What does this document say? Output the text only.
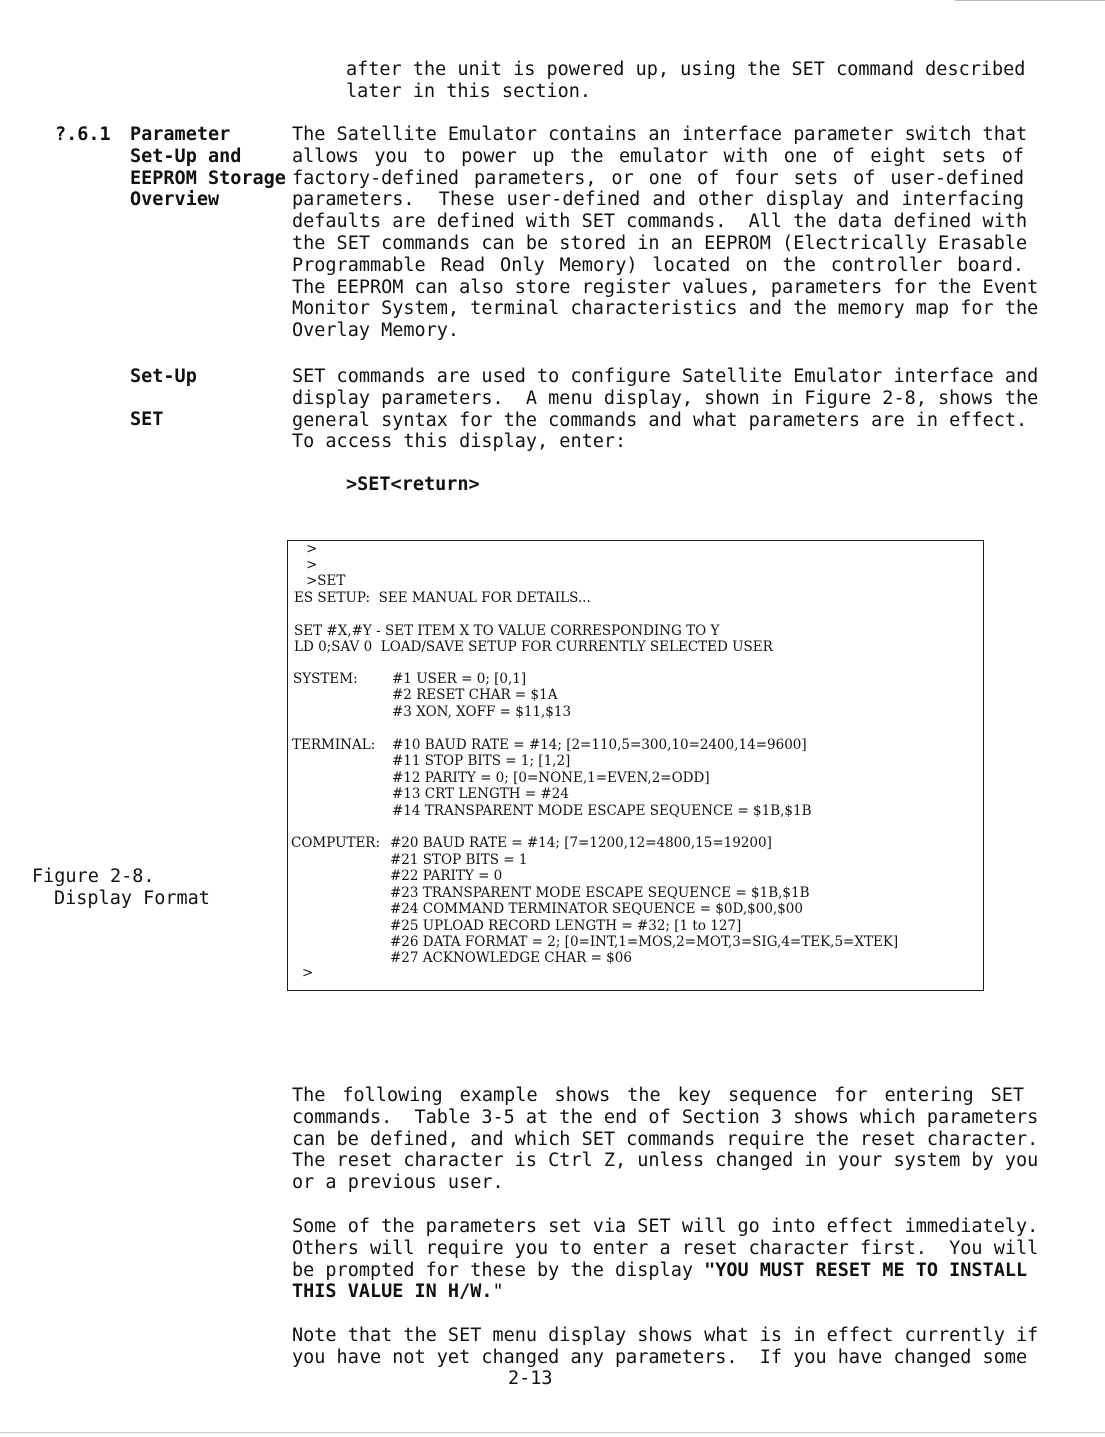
after the unit is powered up, using the SET command described
later in this section.
?.6.1 Parameter
Set-Up and
EEPROM Storage
Overview
The Satellite Emulator contains an interface parameter switch that
allows you to power up the emulator with one of eight sets of
factory-defined parameters, or one of four sets of user-defined
parameters.  These user-defined and other display and interfacing
defaults are defined with SET commands.  All the data defined with
the SET commands can be stored in an EEPROM (Electrically Erasable
Programmable Read Only Memory) located on the controller board.
The EEPROM can also store register values, parameters for the Event
Monitor System, terminal characteristics and the memory map for the
Overlay Memory.
Set-Up
SET
SET commands are used to configure Satellite Emulator interface and
display parameters.  A menu display, shown in Figure 2-8, shows the
general syntax for the commands and what parameters are in effect.
To access this display, enter:
>SET<return>
Figure 2-8.
Display Format
>
>
>SET
ES SETUP:  SEE MANUAL FOR DETAILS...
SET #X,#Y - SET ITEM X TO VALUE CORRESPONDING TO Y
LD 0;SAV 0  LOAD/SAVE SETUP FOR CURRENTLY SELECTED USER
SYSTEM:	#1 USER = 0; [0,1]
#2 RESET CHAR = $1A
#3 XON, XOFF = $11,$13
TERMINAL: #10 BAUD RATE = #14; [2=110,5=300,10=2400,14=9600]
#11 STOP BITS = 1; [1,2]
#12 PARITY = 0; [0=NONE,1=EVEN,2=ODD]
#13 CRT LENGTH = #24
#14 TRANSPARENT MODE ESCAPE SEQUENCE = $1B,$1B
COMPUTER: #20 BAUD RATE = #14; [7=1200,12=4800,15=19200]
#21 STOP BITS = 1
#22 PARITY = 0
#23 TRANSPARENT MODE ESCAPE SEQUENCE = $1B,$1B
#24 COMMAND TERMINATOR SEQUENCE = $0D,$00,$00
#25 UPLOAD RECORD LENGTH = #32; [1 to 127]
#26 DATA FORMAT = 2; [0=INT,1=MOS,2=MOT,3=SIG,4=TEK,5=XTEK]
#27 ACKNOWLEDGE CHAR = $06
>
The following example shows the key sequence for entering SET
commands.  Table 3-5 at the end of Section 3 shows which parameters
can be defined, and which SET commands require the reset character.
The reset character is Ctrl Z, unless changed in your system by you
or a previous user.
Some of the parameters set via SET will go into effect immediately.
Others will require you to enter a reset character first.  You will
be prompted for these by the display "YOU MUST RESET ME TO INSTALL
THIS VALUE IN H/W."
Note that the SET menu display shows what is in effect currently if
you have not yet changed any parameters.  If you have changed some
2-13
